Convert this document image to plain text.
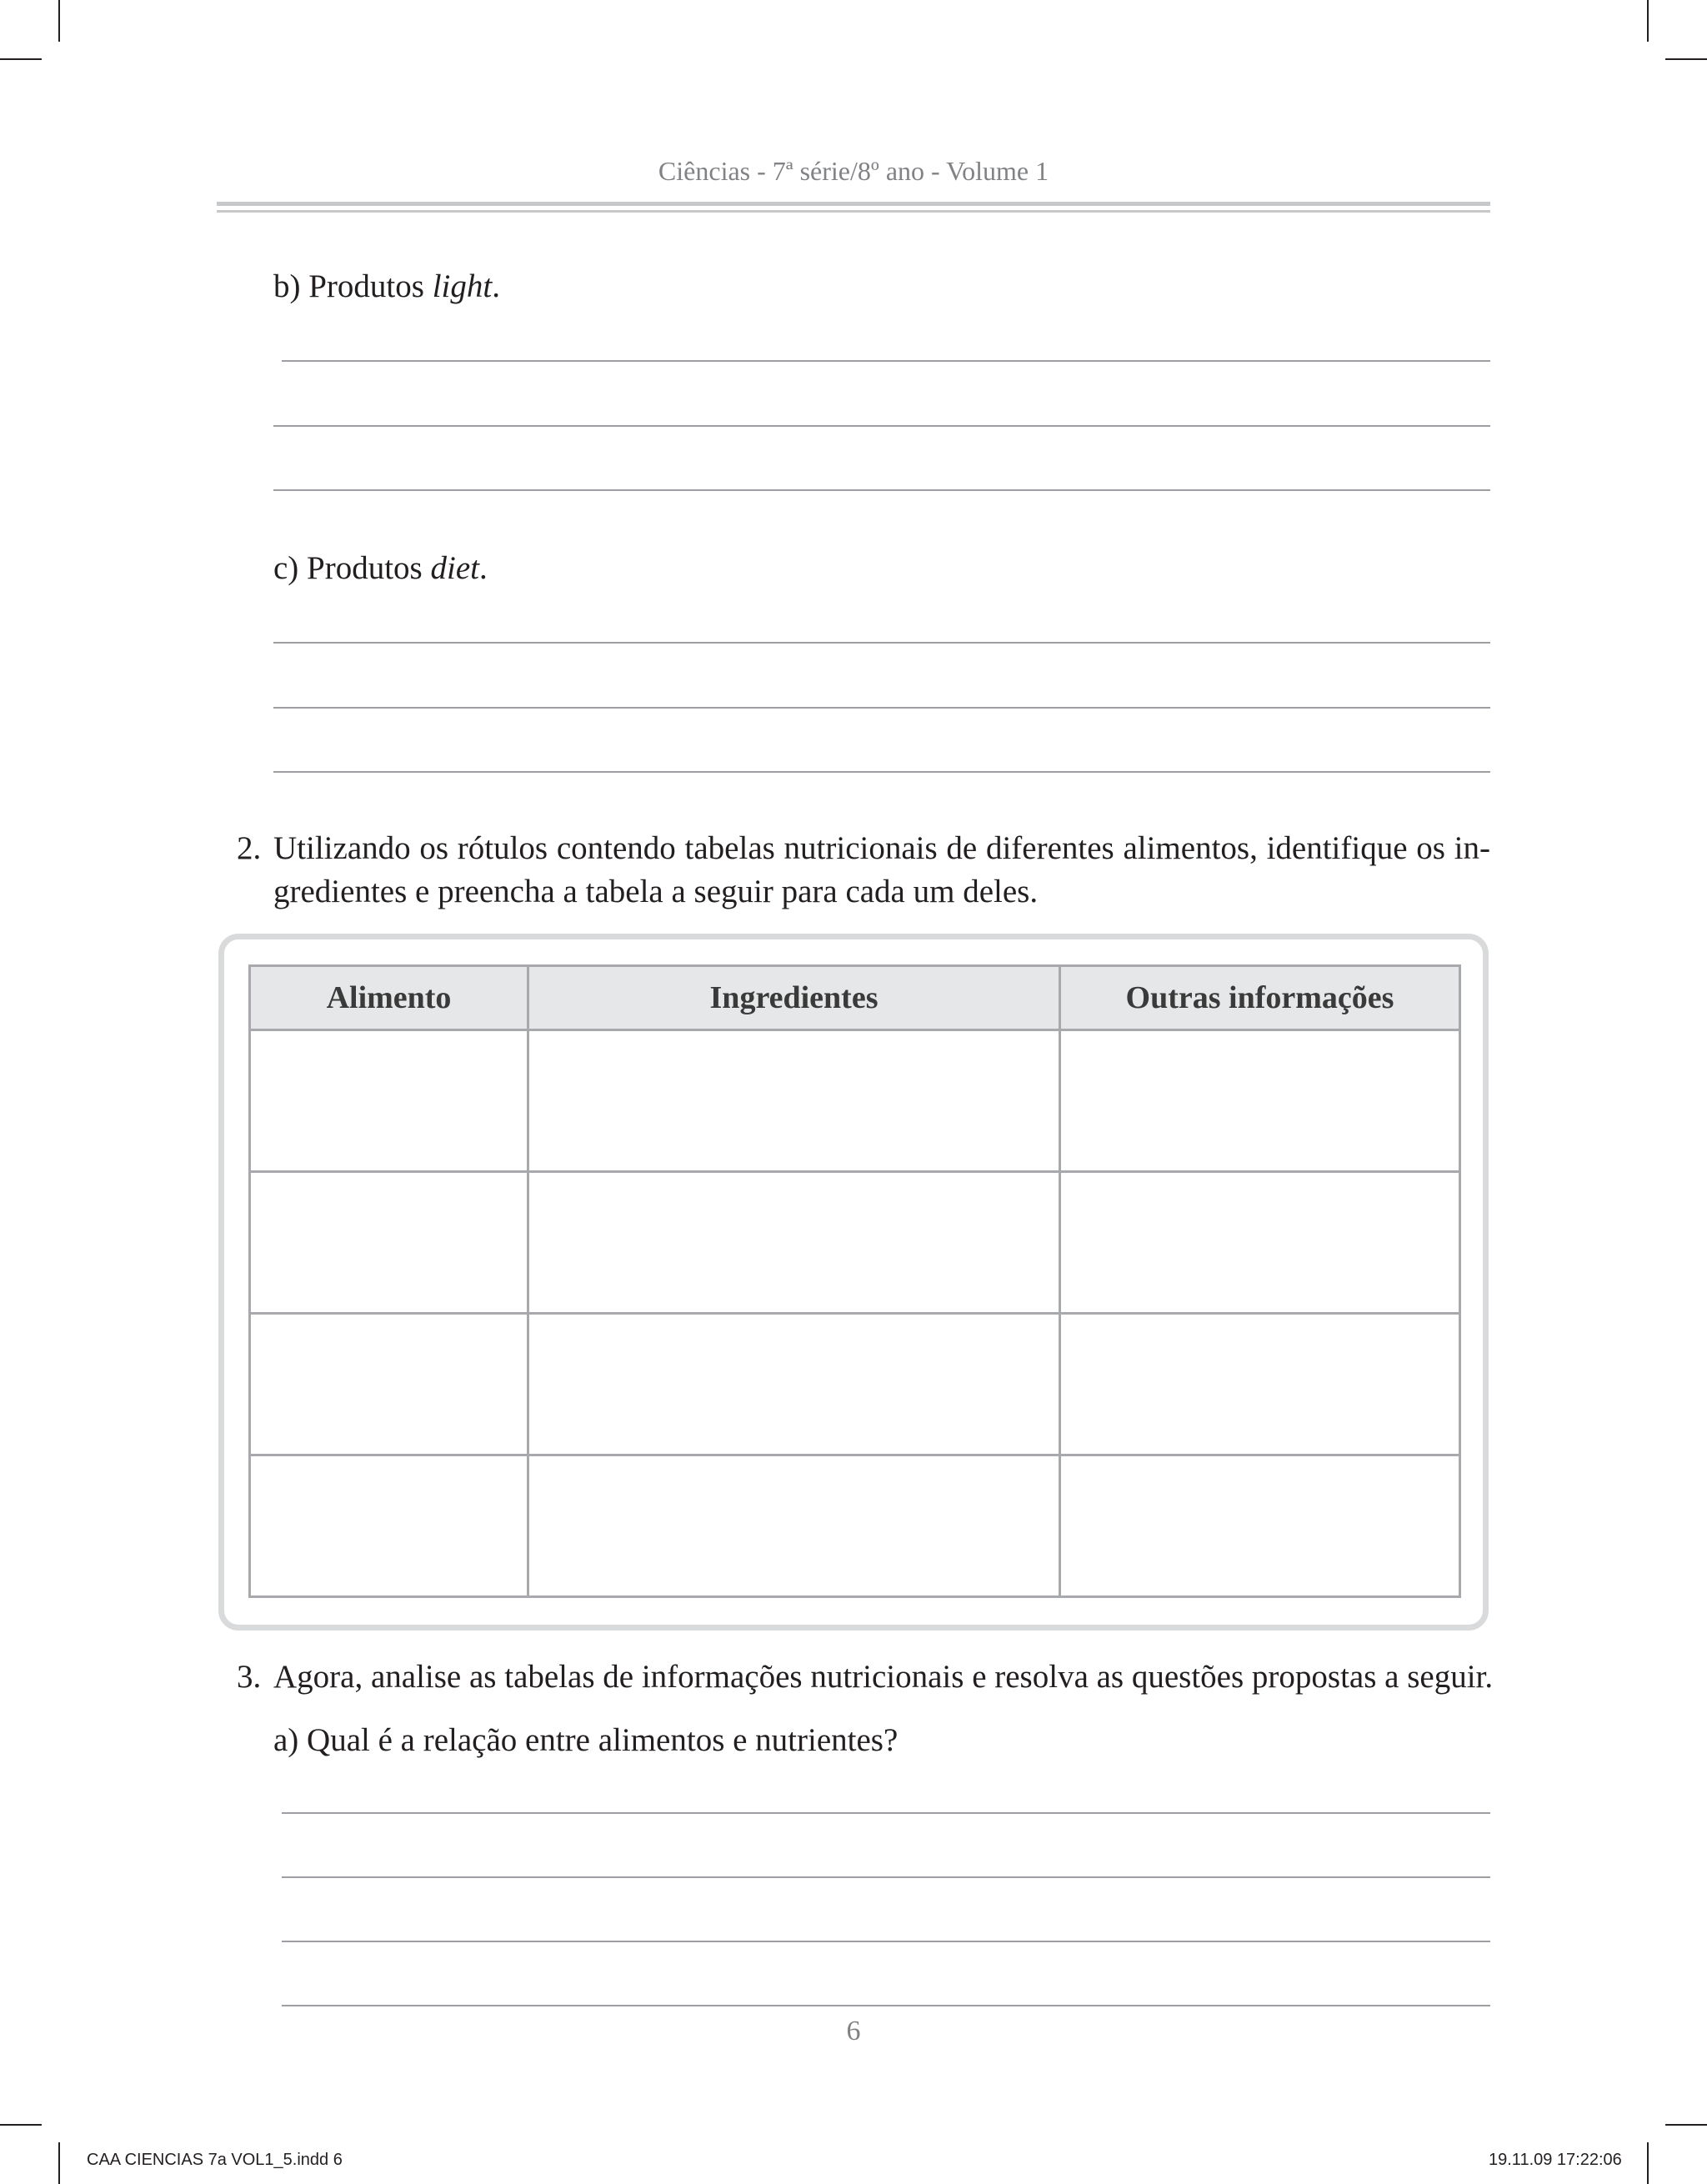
Ciências - 7ª série/8º ano - Volume 1
b) Produtos light.
c) Produtos diet.
2. Utilizando os rótulos contendo tabelas nutricionais de diferentes alimentos, identifique os in-gredientes e preencha a tabela a seguir para cada um deles.
Alimento	Ingredientes	Outras informações

3. Agora, analise as tabelas de informações nutricionais e resolva as questões propostas a seguir.
a) Qual é a relação entre alimentos e nutrientes?
6
CAA CIENCIAS 7a VOL1_5.indd 6	19.11.09 17:22:06
